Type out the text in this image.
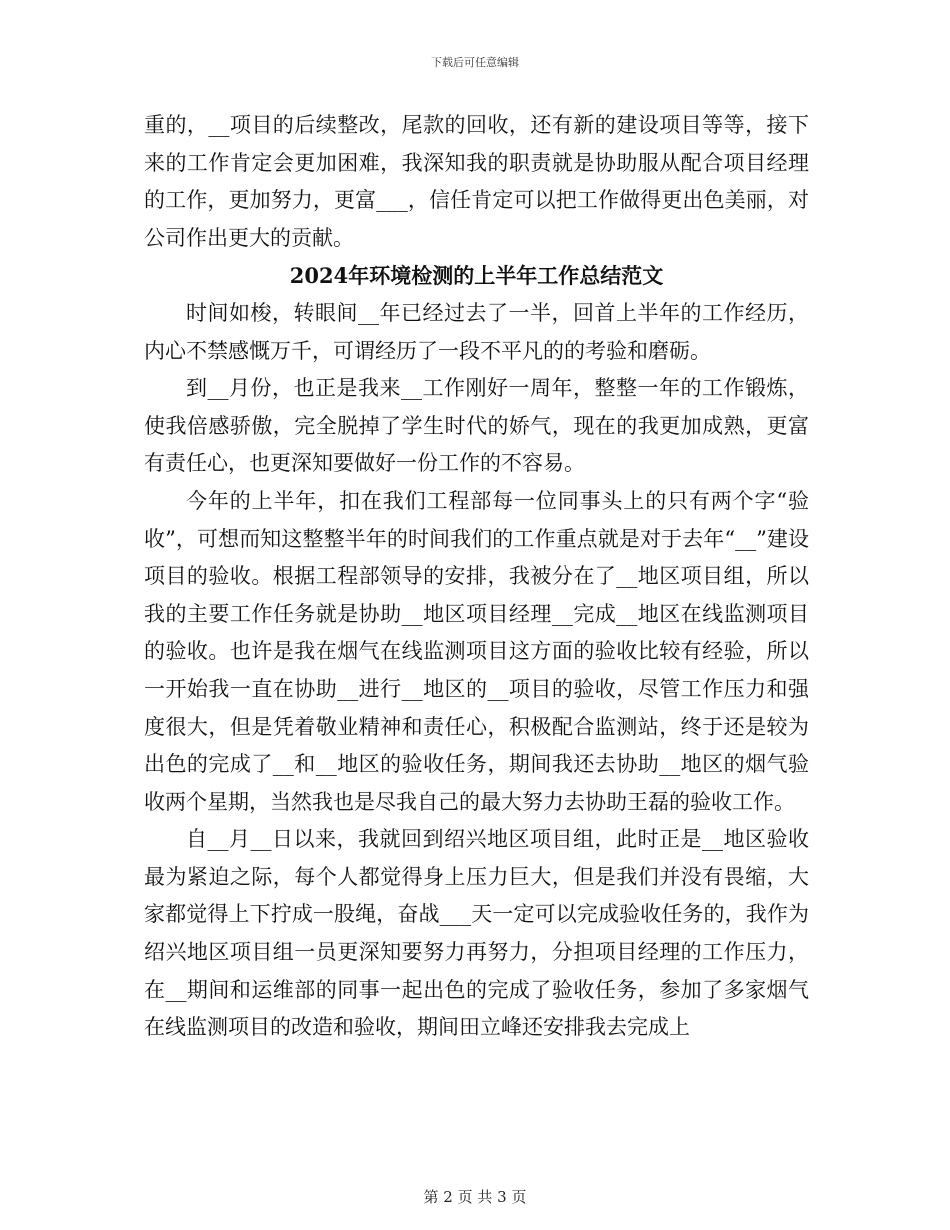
下载后可任意编辑

重的，__项目的后续整改，尾款的回收，还有新的建设项目等等，接下来的工作肯定会更加困难，我深知我的职责就是协助服从配合项目经理的工作，更加努力，更富___，信任肯定可以把工作做得更出色美丽，对公司作出更大的贡献。

2024年环境检测的上半年工作总结范文

时间如梭，转眼间__年已经过去了一半，回首上半年的工作经历，内心不禁感慨万千，可谓经历了一段不平凡的的考验和磨砺。

到__月份，也正是我来__工作刚好一周年，整整一年的工作锻炼，使我倍感骄傲，完全脱掉了学生时代的娇气，现在的我更加成熟，更富有责任心，也更深知要做好一份工作的不容易。

今年的上半年，扣在我们工程部每一位同事头上的只有两个字“验收”，可想而知这整整半年的时间我们的工作重点就是对于去年“__”建设项目的验收。根据工程部领导的安排，我被分在了__地区项目组，所以我的主要工作任务就是协助__地区项目经理__完成__地区在线监测项目的验收。也许是我在烟气在线监测项目这方面的验收比较有经验，所以一开始我一直在协助__进行__地区的__项目的验收，尽管工作压力和强度很大，但是凭着敬业精神和责任心，积极配合监测站，终于还是较为出色的完成了__和__地区的验收任务，期间我还去协助__地区的烟气验收两个星期，当然我也是尽我自己的最大努力去协助王磊的验收工作。

自__月__日以来，我就回到绍兴地区项目组，此时正是__地区验收最为紧迫之际，每个人都觉得身上压力巨大，但是我们并没有畏缩，大家都觉得上下拧成一股绳，奋战___天一定可以完成验收任务的，我作为绍兴地区项目组一员更深知要努力再努力，分担项目经理的工作压力，在__期间和运维部的同事一起出色的完成了验收任务，参加了多家烟气在线监测项目的改造和验收，期间田立峰还安排我去完成上

第 2 页 共 3 页
